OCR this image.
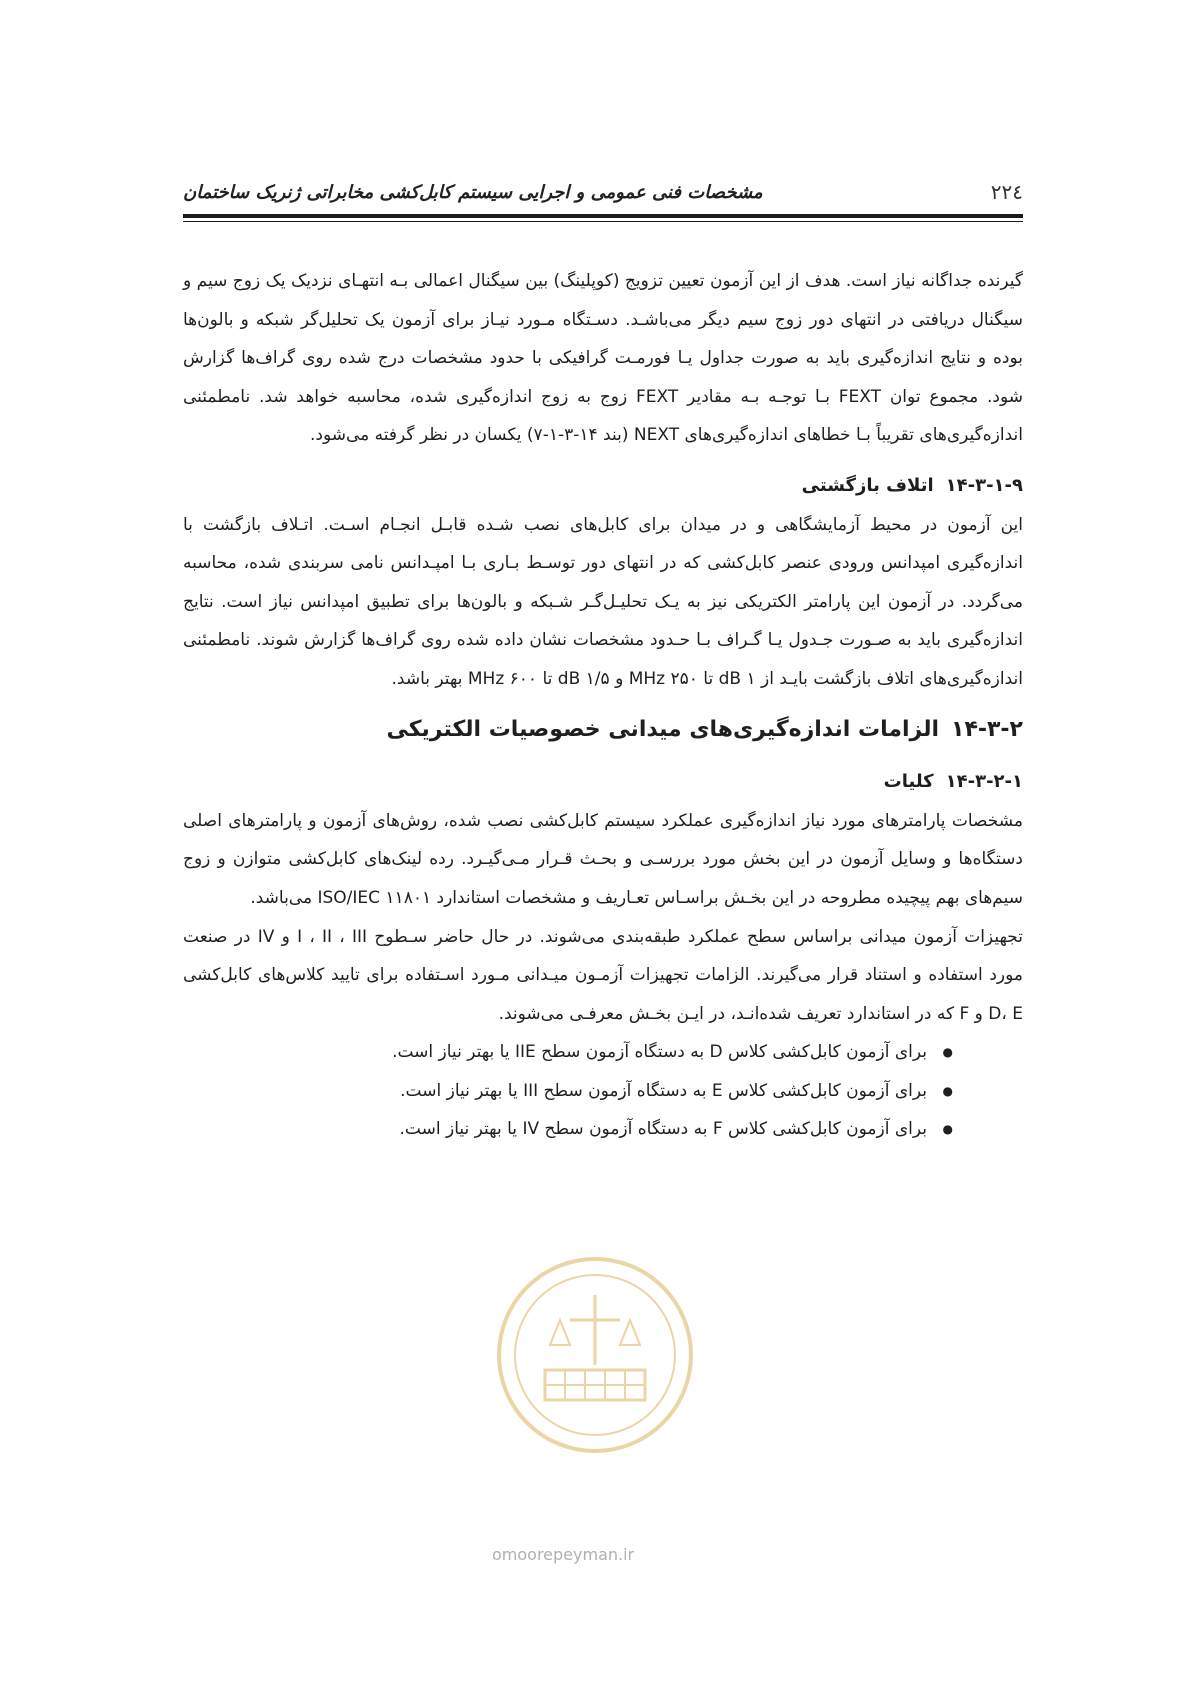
۲۲٤
مشخصات فنی عمومی و اجرایی سیستم کابل‌کشی مخابراتی ژنریک ساختمان

گیرنده جداگانه نیاز است. هدف از این آزمون تعیین تزویج (کوپلینگ) بین سیگنال اعمالی بـه انتهـای نزدیک یک زوج سیم و سیگنال دریافتی در انتهای دور زوج سیم دیگر می‌باشـد. دسـتگاه مـورد نیـاز برای آزمون یک تحلیل‌گر شبکه و بالون‌ها بوده و نتایج اندازه‌گیری باید به صورت جداول یـا فورمـت گرافیکی با حدود مشخصات درج شده روی گراف‌ها گزارش شود. مجموع توان FEXT بـا توجـه بـه مقادیر FEXT زوج به زوج اندازه‌گیری شده، محاسبه خواهد شد. نامطمئنی اندازه‌گیری‌های تقریباً بـا خطاهای اندازه‌گیری‌های NEXT (بند ۱۴-۳-۱-۷) یکسان در نظر گرفته می‌شود.

۱۴-۳-۱-۹اتلاف بازگشتی

این آزمون در محیط آزمایشگاهی و در میدان برای کابل‌های نصب شـده قابـل انجـام اسـت. اتـلاف بازگشت با اندازه‌گیری امپدانس ورودی عنصر کابل‌کشی که در انتهای دور توسـط بـاری بـا امپـدانس نامی سربندی شده، محاسبه می‌گردد. در آزمون این پارامتر الکتریکی نیز به یـک تحلیـل‌گـر شـبکه و بالون‌ها برای تطبیق امپدانس نیاز است. نتایج اندازه‌گیری باید به صـورت جـدول یـا گـراف بـا حـدود مشخصات نشان داده شده روی گراف‌ها گزارش شوند. نامطمئنی اندازه‌گیری‌های اتلاف بازگشت بایـد از ۱ dB تا ۲۵۰ MHz و ۱/۵ dB تا ۶۰۰ MHz بهتر باشد.

۱۴-۳-۲الزامات اندازه‌گیری‌های میدانی خصوصیات الکتریکی

۱۴-۳-۲-۱کلیات

مشخصات پارامترهای مورد نیاز اندازه‌گیری عملکرد سیستم کابل‌کشی نصب شده، روش‌های آزمون و پارامترهای اصلی دستگاه‌ها و وسایل آزمون در این بخش مورد بررسـی و بحـث قـرار مـی‌گیـرد. رده لینک‌های کابل‌کشی متوازن و زوج سیم‌های بهم پیچیده مطروحه در این بخـش براسـاس تعـاریف و مشخصات استاندارد ISO/IEC ۱۱۸۰۱ می‌باشد.

تجهیزات آزمون میدانی براساس سطح عملکرد طبقه‌بندی می‌شوند. در حال حاضر سـطوح I ، II ، III و IV در صنعت مورد استفاده و استناد قرار می‌گیرند. الزامات تجهیزات آزمـون میـدانی مـورد اسـتفاده برای تایید کلاس‌های کابل‌کشی D، E و F که در استاندارد تعریف شده‌انـد، در ایـن بخـش معرفـی می‌شوند.

● برای آزمون کابل‌کشی کلاس D به دستگاه آزمون سطح IIE یا بهتر نیاز است.
● برای آزمون کابل‌کشی کلاس E به دستگاه آزمون سطح III یا بهتر نیاز است.
● برای آزمون کابل‌کشی کلاس F به دستگاه آزمون سطح IV یا بهتر نیاز است.
omoorepeyman.ir
